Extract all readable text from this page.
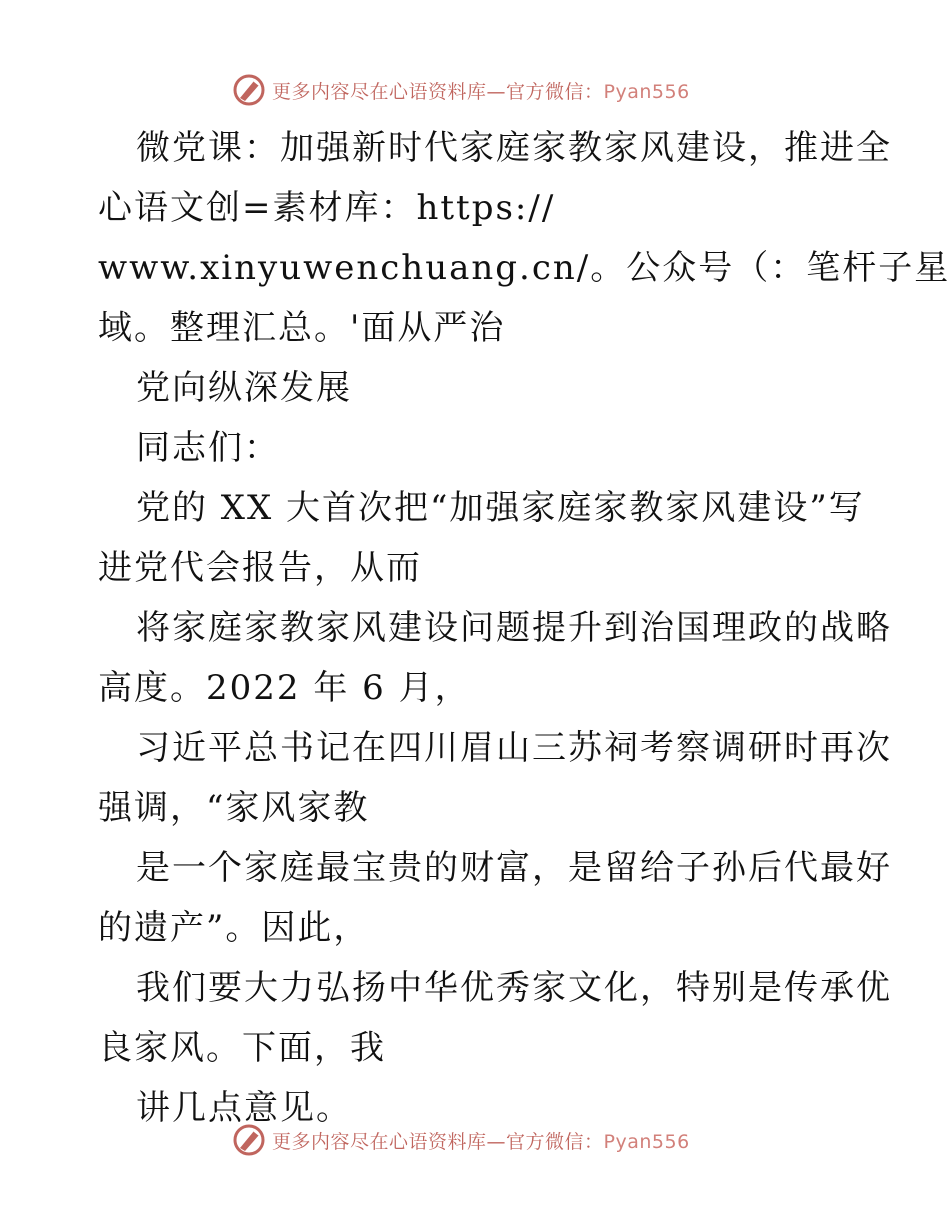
更多内容尽在心语资料库—官方微信：Pyan556
微党课：加强新时代家庭家教家风建设，推进全
心语文创=素材库：https://
www.xinyuwenchuang.cn/。公众号（：笔杆子星
域。整理汇总。'面从严治
党向纵深发展
同志们：
党的 XX 大首次把“加强家庭家教家风建设”写
进党代会报告，从而
将家庭家教家风建设问题提升到治国理政的战略
高度。2022 年 6 月，
习近平总书记在四川眉山三苏祠考察调研时再次
强调，“家风家教
是一个家庭最宝贵的财富，是留给子孙后代最好
的遗产”。因此，
我们要大力弘扬中华优秀家文化，特别是传承优
良家风。下面，我
讲几点意见。
更多内容尽在心语资料库—官方微信：Pyan556
